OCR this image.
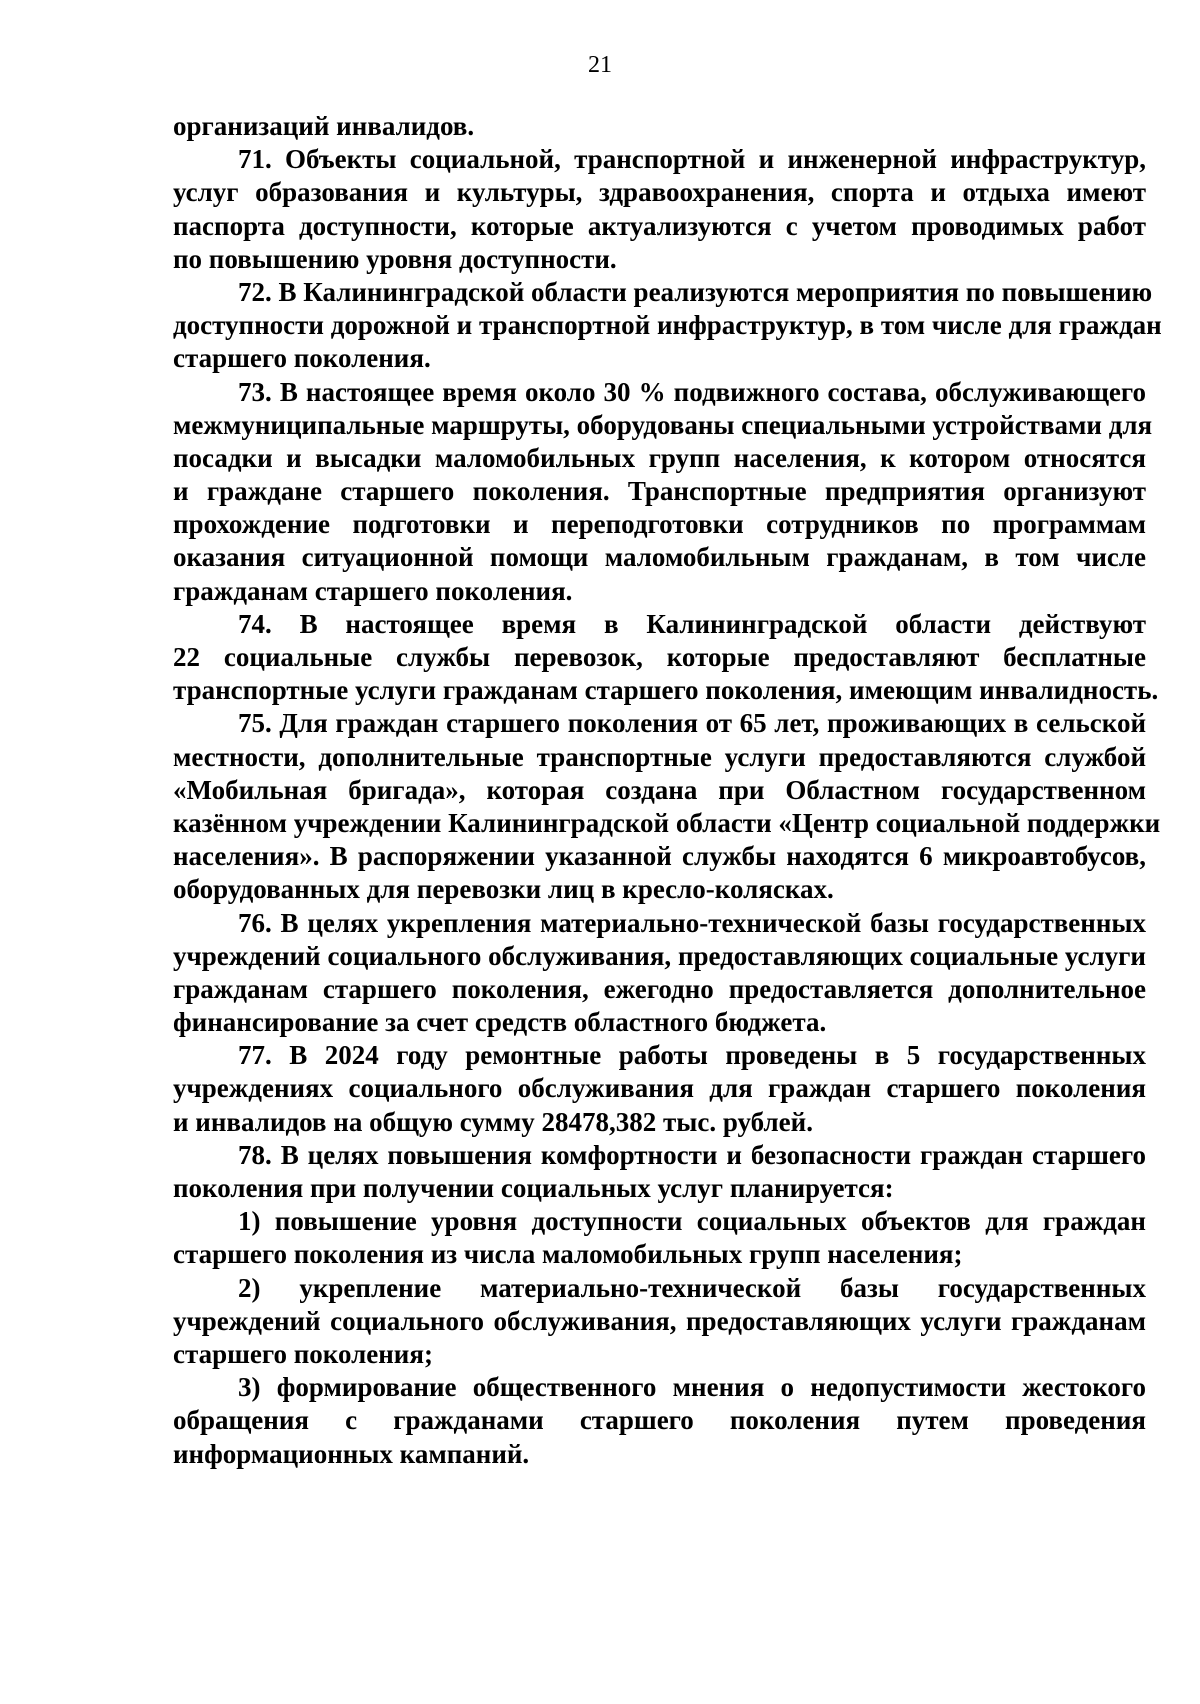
21
организаций инвалидов.
71. Объекты социальной, транспортной и инженерной инфраструктур,
услуг образования и культуры, здравоохранения, спорта и отдыха имеют
паспорта доступности, которые актуализуются с учетом проводимых работ
по повышению уровня доступности.
72. В Калининградской области реализуются мероприятия по повышению
доступности дорожной и транспортной инфраструктур, в том числе для граждан
старшего поколения.
73. В настоящее время около 30 % подвижного состава, обслуживающего
межмуниципальные маршруты, оборудованы специальными устройствами для
посадки и высадки маломобильных групп населения, к котором относятся
и граждане старшего поколения. Транспортные предприятия организуют
прохождение подготовки и переподготовки сотрудников по программам
оказания ситуационной помощи маломобильным гражданам, в том числе
гражданам старшего поколения.
74. В настоящее время в Калининградской области действуют
22 социальные службы перевозок, которые предоставляют бесплатные
транспортные услуги гражданам старшего поколения, имеющим инвалидность.
75. Для граждан старшего поколения от 65 лет, проживающих в сельской
местности, дополнительные транспортные услуги предоставляются службой
«Мобильная бригада», которая создана при Областном государственном
казённом учреждении Калининградской области «Центр социальной поддержки
населения». В распоряжении указанной службы находятся 6 микроавтобусов,
оборудованных для перевозки лиц в кресло-колясках.
76. В целях укрепления материально-технической базы государственных
учреждений социального обслуживания, предоставляющих социальные услуги
гражданам старшего поколения, ежегодно предоставляется дополнительное
финансирование за счет средств областного бюджета.
77. В 2024 году ремонтные работы проведены в 5 государственных
учреждениях социального обслуживания для граждан старшего поколения
и инвалидов на общую сумму 28478,382 тыс. рублей.
78. В целях повышения комфортности и безопасности граждан старшего
поколения при получении социальных услуг планируется:
1) повышение уровня доступности социальных объектов для граждан
старшего поколения из числа маломобильных групп населения;
2) укрепление материально-технической базы государственных
учреждений социального обслуживания, предоставляющих услуги гражданам
старшего поколения;
3) формирование общественного мнения о недопустимости жестокого
обращения с гражданами старшего поколения путем проведения
информационных кампаний.
